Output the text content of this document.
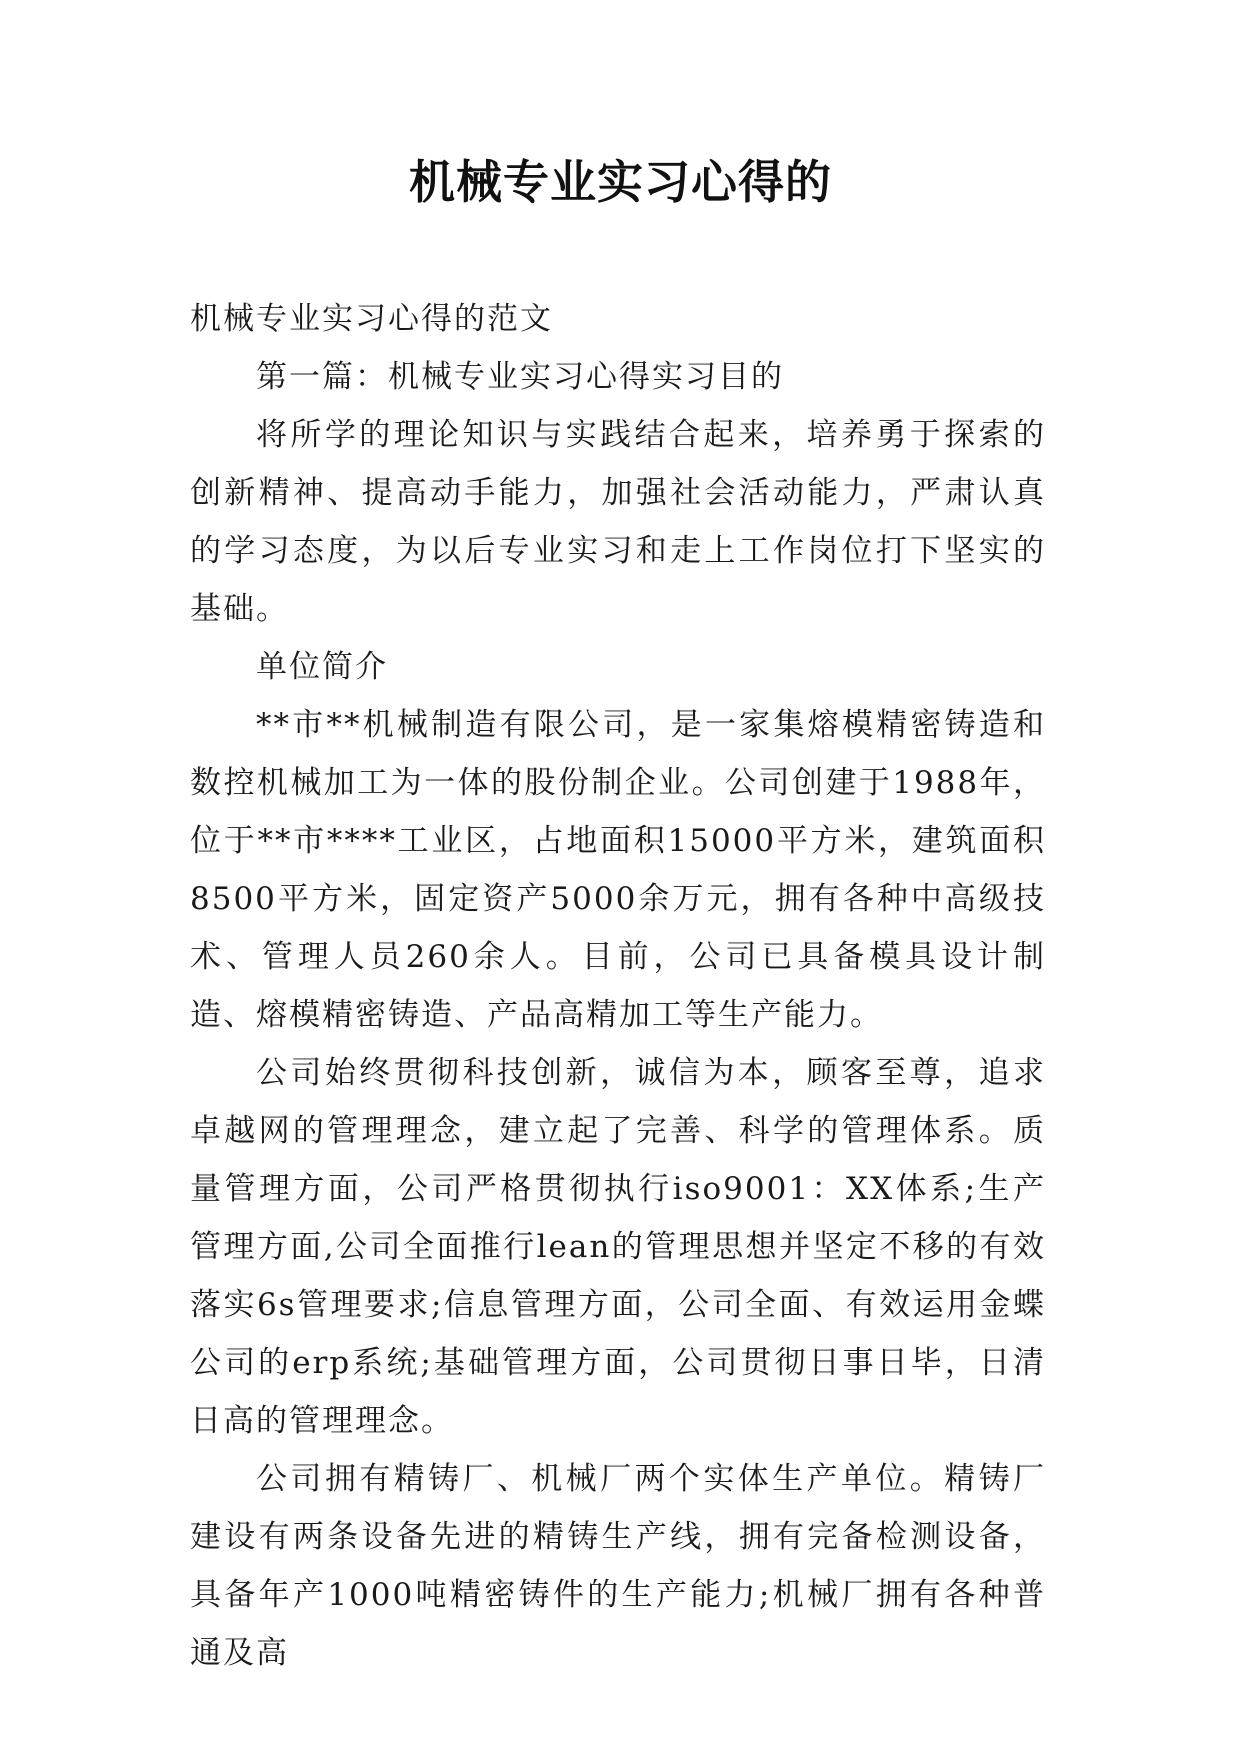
机械专业实习心得的

机械专业实习心得的范文

第一篇：机械专业实习心得实习目的

将所学的理论知识与实践结合起来，培养勇于探索的创新精神、提高动手能力，加强社会活动能力，严肃认真的学习态度，为以后专业实习和走上工作岗位打下坚实的基础。

单位简介

**市**机械制造有限公司，是一家集熔模精密铸造和数控机械加工为一体的股份制企业。公司创建于1988年，位于**市****工业区，占地面积15000平方米，建筑面积8500平方米，固定资产5000余万元，拥有各种中高级技术、管理人员260余人。目前，公司已具备模具设计制造、熔模精密铸造、产品高精加工等生产能力。

公司始终贯彻科技创新，诚信为本，顾客至尊，追求卓越网的管理理念，建立起了完善、科学的管理体系。质量管理方面，公司严格贯彻执行iso9001：XX体系;生产管理方面,公司全面推行lean的管理思想并坚定不移的有效落实6s管理要求;信息管理方面，公司全面、有效运用金蝶公司的erp系统;基础管理方面，公司贯彻日事日毕，日清日高的管理理念。

公司拥有精铸厂、机械厂两个实体生产单位。精铸厂建设有两条设备先进的精铸生产线，拥有完备检测设备，具备年产1000吨精密铸件的生产能力;机械厂拥有各种普通及高
